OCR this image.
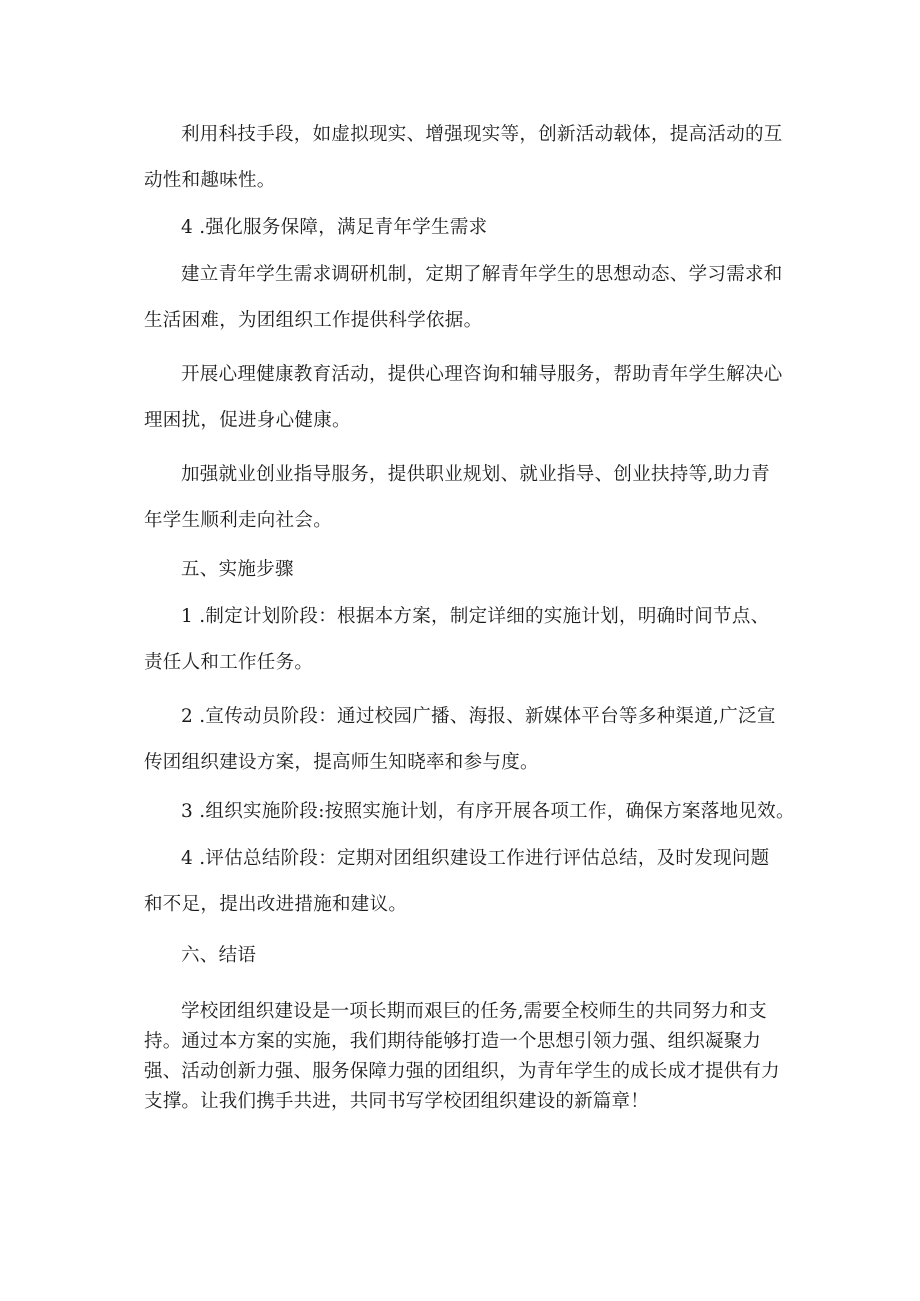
利用科技手段，如虚拟现实、增强现实等，创新活动载体，提高活动的互动性和趣味性。

4 .强化服务保障，满足青年学生需求

建立青年学生需求调研机制，定期了解青年学生的思想动态、学习需求和生活困难，为团组织工作提供科学依据。

开展心理健康教育活动，提供心理咨询和辅导服务，帮助青年学生解决心理困扰，促进身心健康。

加强就业创业指导服务，提供职业规划、就业指导、创业扶持等,助力青年学生顺利走向社会。

五、实施步骤

1 .制定计划阶段：根据本方案，制定详细的实施计划，明确时间节点、责任人和工作任务。

2 .宣传动员阶段：通过校园广播、海报、新媒体平台等多种渠道,广泛宣传团组织建设方案，提高师生知晓率和参与度。

3 .组织实施阶段:按照实施计划，有序开展各项工作，确保方案落地见效。

4 .评估总结阶段：定期对团组织建设工作进行评估总结，及时发现问题和不足，提出改进措施和建议。

六、结语

学校团组织建设是一项长期而艰巨的任务,需要全校师生的共同努力和支持。通过本方案的实施，我们期待能够打造一个思想引领力强、组织凝聚力强、活动创新力强、服务保障力强的团组织，为青年学生的成长成才提供有力支撑。让我们携手共进，共同书写学校团组织建设的新篇章！
